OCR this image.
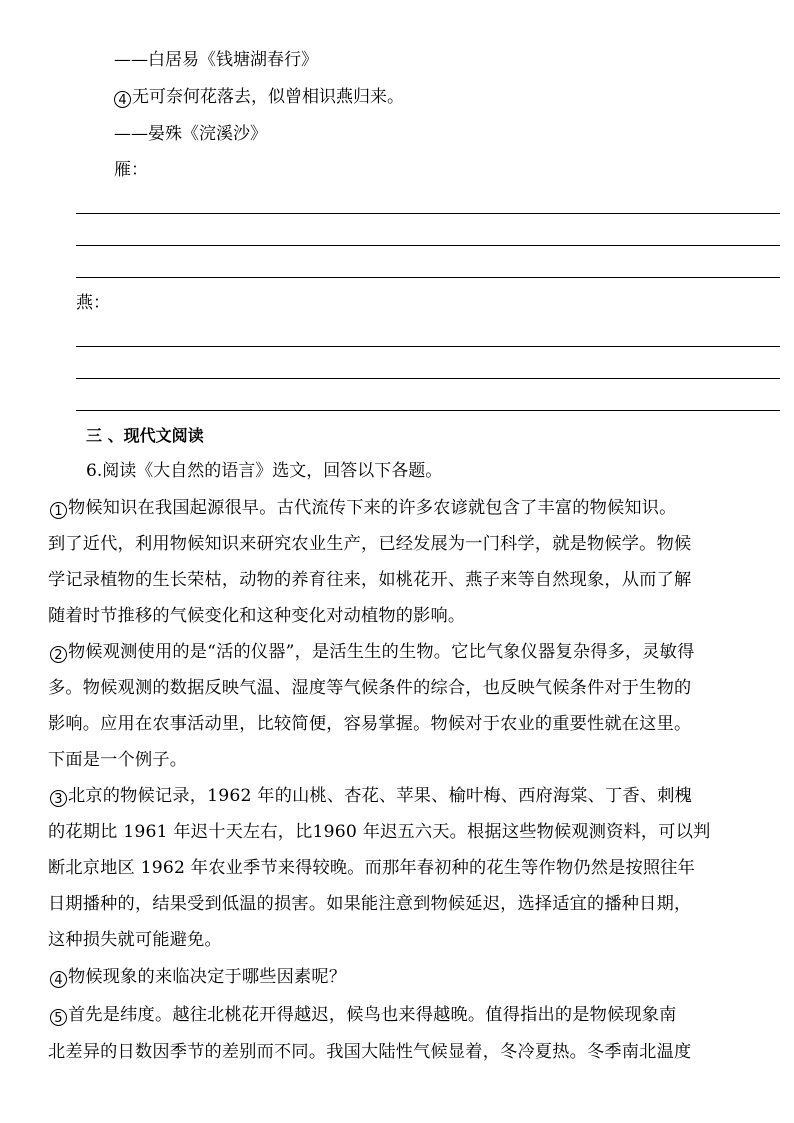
——白居易《钱塘湖春行》
4 无可奈何花落去，似曾相识燕归来。
——晏殊《浣溪沙》
雁：
燕：
三 、现代文阅读
6.阅读《大自然的语言》选文，回答以下各题。
1 物候知识在我国起源很早。古代流传下来的许多农谚就包含了丰富的物候知识。
到了近代，利用物候知识来研究农业生产，已经发展为一门科学，就是物候学。物候
学记录植物的生长荣枯，动物的养育往来，如桃花开、燕子来等自然现象，从而了解
随着时节推移的气候变化和这种变化对动植物的影响。
2 物候观测使用的是“活的仪器”，是活生生的生物。它比气象仪器复杂得多，灵敏得
多。物候观测的数据反映气温、湿度等气候条件的综合，也反映气候条件对于生物的
影响。应用在农事活动里，比较简便，容易掌握。物候对于农业的重要性就在这里。
下面是一个例子。
3 北京的物候记录，1962 年的山桃、杏花、苹果、榆叶梅、西府海棠、丁香、刺槐
的花期比 1961 年迟十天左右，比1960 年迟五六天。根据这些物候观测资料，可以判
断北京地区 1962 年农业季节来得较晚。而那年春初种的花生等作物仍然是按照往年
日期播种的，结果受到低温的损害。如果能注意到物候延迟，选择适宜的播种日期，
这种损失就可能避免。
4 物候现象的来临决定于哪些因素呢？
5 首先是纬度。越往北桃花开得越迟，候鸟也来得越晚。值得指出的是物候现象南
北差异的日数因季节的差别而不同。我国大陆性气候显着，冬冷夏热。冬季南北温度
